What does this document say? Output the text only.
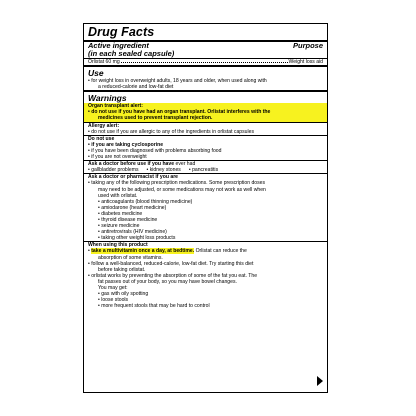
Drug Facts
Active ingredient	Purpose
(in each sealed capsule)
Orlistat 60 mg	Weight loss aid
Use
• for weight loss in overweight adults, 18 years and older, when used along with
a reduced-calorie and low-fat diet
Warnings
Organ transplant alert:
• do not use if you have had an organ transplant. Orlistat interferes with the
medicines used to prevent transplant rejection.
Allergy alert:
• do not use if you are allergic to any of the ingredients in orlistat capsules
Do not use
• if you are taking cyclosporine
• if you have been diagnosed with problems absorbing food
• if you are not overweight
Ask a doctor before use if you have ever had
• gallbladder problems	• kidney stones	• pancreatitis
Ask a doctor or pharmacist if you are
• taking any of the following prescription medications. Some prescription doses
may need to be adjusted, or some medications may not work as well when
used with orlistat.
• anticoagulants (blood thinning medicine)
• amiodarone (heart medicine)
• diabetes medicine
• thyroid disease medicine
• seizure medicine
• antiretrovirals (HIV medicine)
• taking other weight loss products
When using this product
• take a multivitamin once a day, at bedtime. Orlistat can reduce the
absorption of some vitamins.
• follow a well-balanced, reduced-calorie, low-fat diet. Try starting this diet
before taking orlistat.
• orlistat works by preventing the absorption of some of the fat you eat. The
fat passes out of your body, so you may have bowel changes.
You may get:
• gas with oily spotting
• loose stools
• more frequent stools that may be hard to control
